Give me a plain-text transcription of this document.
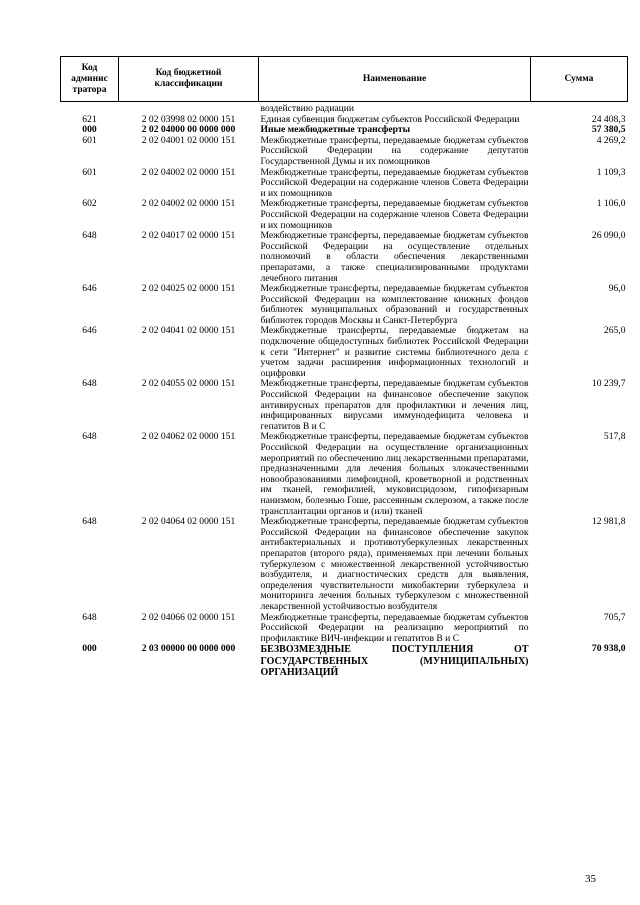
Код
админис
тратора	Код бюджетной классификации	Наименование	Сумма
		воздействию радиации	
621	2 02 03998 02 0000 151	Единая субвенция бюджетам субъектов Российской Федерации	24 408,3
000	2 02 04000 00 0000 000	Иные межбюджетные трансферты	57 380,5
601	2 02 04001 02 0000 151	Межбюджетные трансферты, передаваемые бюджетам субъектов Российской Федерации на содержание депутатов Государственной Думы и их помощников	4 269,2
601	2 02 04002 02 0000 151	Межбюджетные трансферты, передаваемые бюджетам субъектов Российской Федерации на содержание членов Совета Федерации и их помощников	1 109,3
602	2 02 04002 02 0000 151	Межбюджетные трансферты, передаваемые бюджетам субъектов Российской Федерации на содержание членов Совета Федерации и их помощников	1 106,0
648	2 02 04017 02 0000 151	Межбюджетные трансферты, передаваемые бюджетам субъектов Российской Федерации на осуществление отдельных полномочий в области обеспечения лекарственными препаратами, а также специализированными продуктами лечебного питания	26 090,0
646	2 02 04025 02 0000 151	Межбюджетные трансферты, передаваемые бюджетам субъектов Российской Федерации на комплектование книжных фондов библиотек муниципальных образований и государственных библиотек городов Москвы и Санкт-Петербурга	96,0
646	2 02 04041 02 0000 151	Межбюджетные трансферты, передаваемые бюджетам на подключение общедоступных библиотек Российской Федерации к сети "Интернет" и развитие системы библиотечного дела с учетом задачи расширения информационных технологий и оцифровки	265,0
648	2 02 04055 02 0000 151	Межбюджетные трансферты, передаваемые бюджетам субъектов Российской Федерации на финансовое обеспечение закупок антивирусных препаратов для профилактики и лечения лиц, инфицированных вирусами иммунодефицита человека и гепатитов В и С	10 239,7
648	2 02 04062 02 0000 151	Межбюджетные трансферты, передаваемые бюджетам субъектов Российской Федерации на осуществление организационных мероприятий по обеспечению лиц лекарственными препаратами, предназначенными для лечения больных злокачественными новообразованиями лимфоидной, кроветворной и родственных им тканей, гемофилией, муковисцидозом, гипофизарным нанизмом, болезнью Гоше, рассеянным склерозом, а также после трансплантации органов и (или) тканей	517,8
648	2 02 04064 02 0000 151	Межбюджетные трансферты, передаваемые бюджетам субъектов Российской Федерации на финансовое обеспечение закупок антибактериальных и противотуберкулезных лекарственных препаратов (второго ряда), применяемых при лечении больных туберкулезом с множественной лекарственной устойчивостью возбудителя, и диагностических средств для выявления, определения чувствительности микобактерии туберкулеза и мониторинга лечения больных туберкулезом с множественной лекарственной устойчивостью возбудителя	12 981,8
648	2 02 04066 02 0000 151	Межбюджетные трансферты, передаваемые бюджетам субъектов Российской Федерации на реализацию мероприятий по профилактике ВИЧ-инфекции и гепатитов В и С	705,7
000	2 03 00000 00 0000 000	БЕЗВОЗМЕЗДНЫЕ ПОСТУПЛЕНИЯ ОТ ГОСУДАРСТВЕННЫХ (МУНИЦИПАЛЬНЫХ) ОРГАНИЗАЦИЙ	70 938,0
35
